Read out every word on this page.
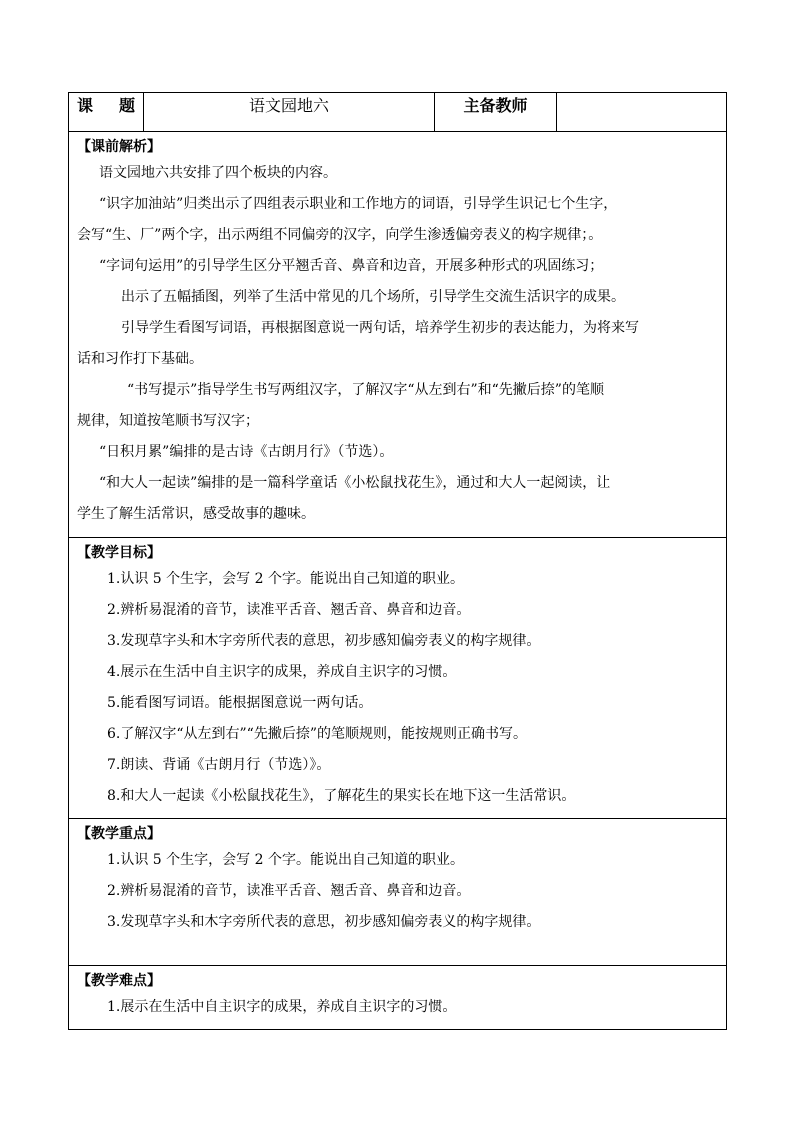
课 题	语文园地六	主备教师	

【课前解析】

语文园地六共安排了四个板块的内容。

“识字加油站”归类出示了四组表示职业和工作地方的词语，引导学生识记七个生字，

会写“生、厂”两个字，出示两组不同偏旁的汉字，向学生渗透偏旁表义的构字规律；。

“字词句运用”的引导学生区分平翘舌音、鼻音和边音，开展多种形式的巩固练习；

出示了五幅插图，列举了生活中常见的几个场所，引导学生交流生活识字的成果。

引导学生看图写词语，再根据图意说一两句话，培养学生初步的表达能力，为将来写

话和习作打下基础。

“书写提示”指导学生书写两组汉字，了解汉字“从左到右”和“先撇后捺”的笔顺

规律，知道按笔顺书写汉字；

“日积月累”编排的是古诗《古朗月行》（节选）。

“和大人一起读”编排的是一篇科学童话《小松鼠找花生》，通过和大人一起阅读，让

学生了解生活常识，感受故事的趣味。

【教学目标】

1.认识 5 个生字，会写 2 个字。能说出自己知道的职业。

2.辨析易混淆的音节，读准平舌音、翘舌音、鼻音和边音。

3.发现草字头和木字旁所代表的意思，初步感知偏旁表义的构字规律。

4.展示在生活中自主识字的成果，养成自主识字的习惯。

5.能看图写词语。能根据图意说一两句话。

6.了解汉字“从左到右”“先撇后捺”的笔顺规则，能按规则正确书写。

7.朗读、背诵《古朗月行（节选）》。

8.和大人一起读《小松鼠找花生》，了解花生的果实长在地下这一生活常识。

【教学重点】

1.认识 5 个生字，会写 2 个字。能说出自己知道的职业。

2.辨析易混淆的音节，读准平舌音、翘舌音、鼻音和边音。

3.发现草字头和木字旁所代表的意思，初步感知偏旁表义的构字规律。

【教学难点】

1.展示在生活中自主识字的成果，养成自主识字的习惯。
